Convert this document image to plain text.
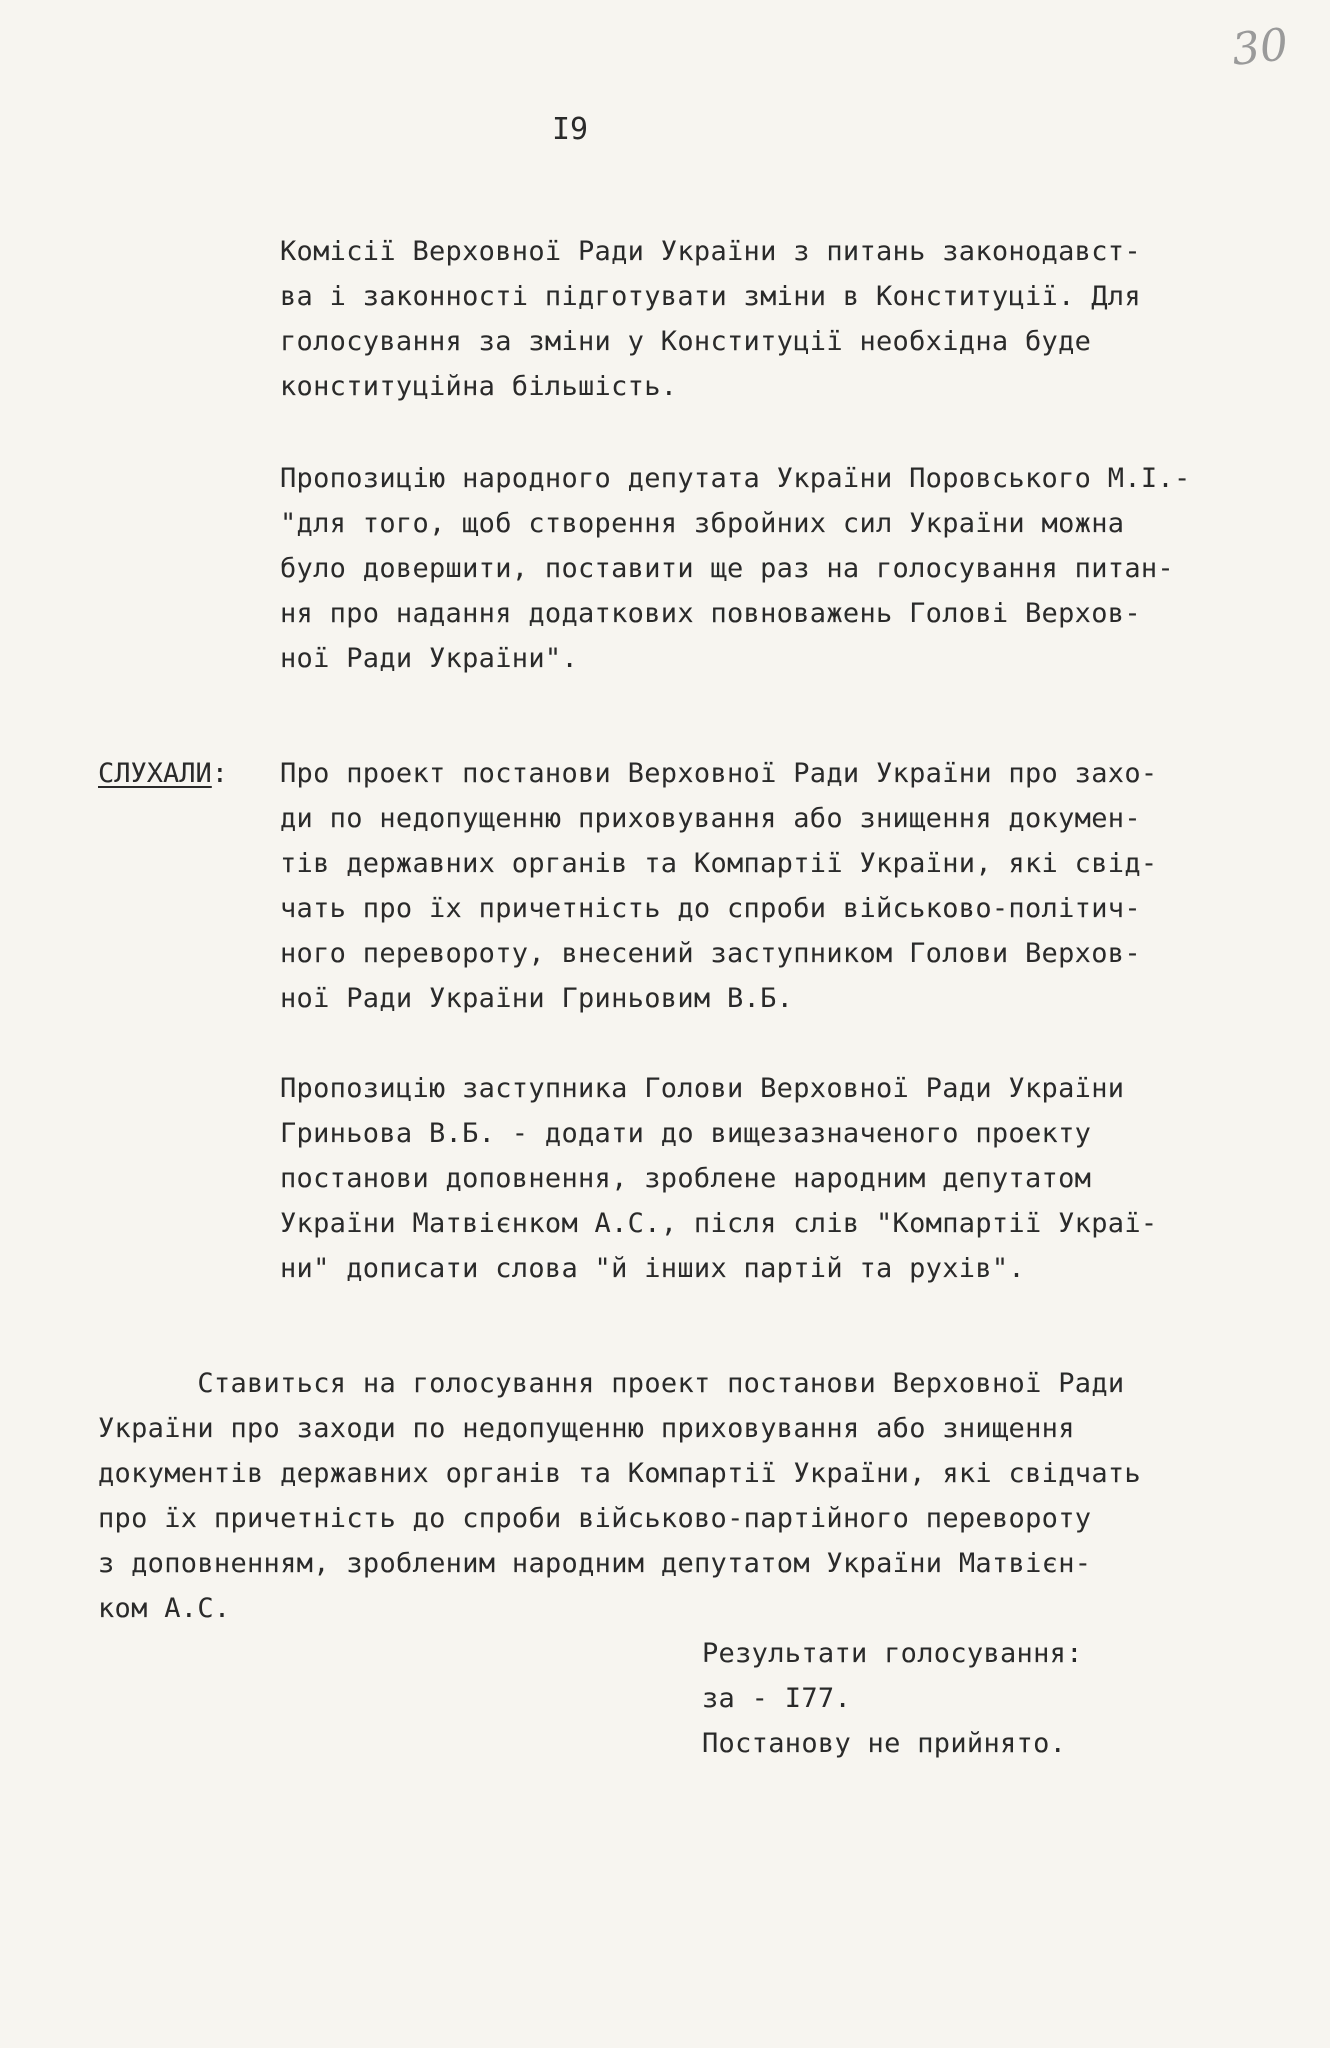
30
I9
Комісії Верховної Ради України з питань законодавст-
ва і законності підготувати зміни в Конституції. Для
голосування за зміни у Конституції необхідна буде
конституційна більшість.
Пропозицію народного депутата України Поровського М.І.-
"для того, щоб створення збройних сил України можна
було довершити, поставити ще раз на голосування питан-
ня про надання додаткових повноважень Голові Верхов-
ної Ради України".
СЛУХАЛИ: Про проект постанови Верховної Ради України про захо-
ди по недопущенню приховування або знищення докумен-
тів державних органів та Компартії України, які свід-
чать про їх причетність до спроби військово-політич-
ного перевороту, внесений заступником Голови Верхов-
ної Ради України Гриньовим В.Б.
Пропозицію заступника Голови Верховної Ради України
Гриньова В.Б. - додати до вищезазначеного проекту
постанови доповнення, зроблене народним депутатом
України Матвієнком А.С., після слів "Компартії Украї-
ни" дописати слова "й інших партій та рухів".
Ставиться на голосування проект постанови Верховної Ради
України про заходи по недопущенню приховування або знищення
документів державних органів та Компартії України, які свідчать
про їх причетність до спроби військово-партійного перевороту
з доповненням, зробленим народним депутатом України Матвієн-
ком А.С.
Результати голосування:
за - I77.
Постанову не прийнято.
